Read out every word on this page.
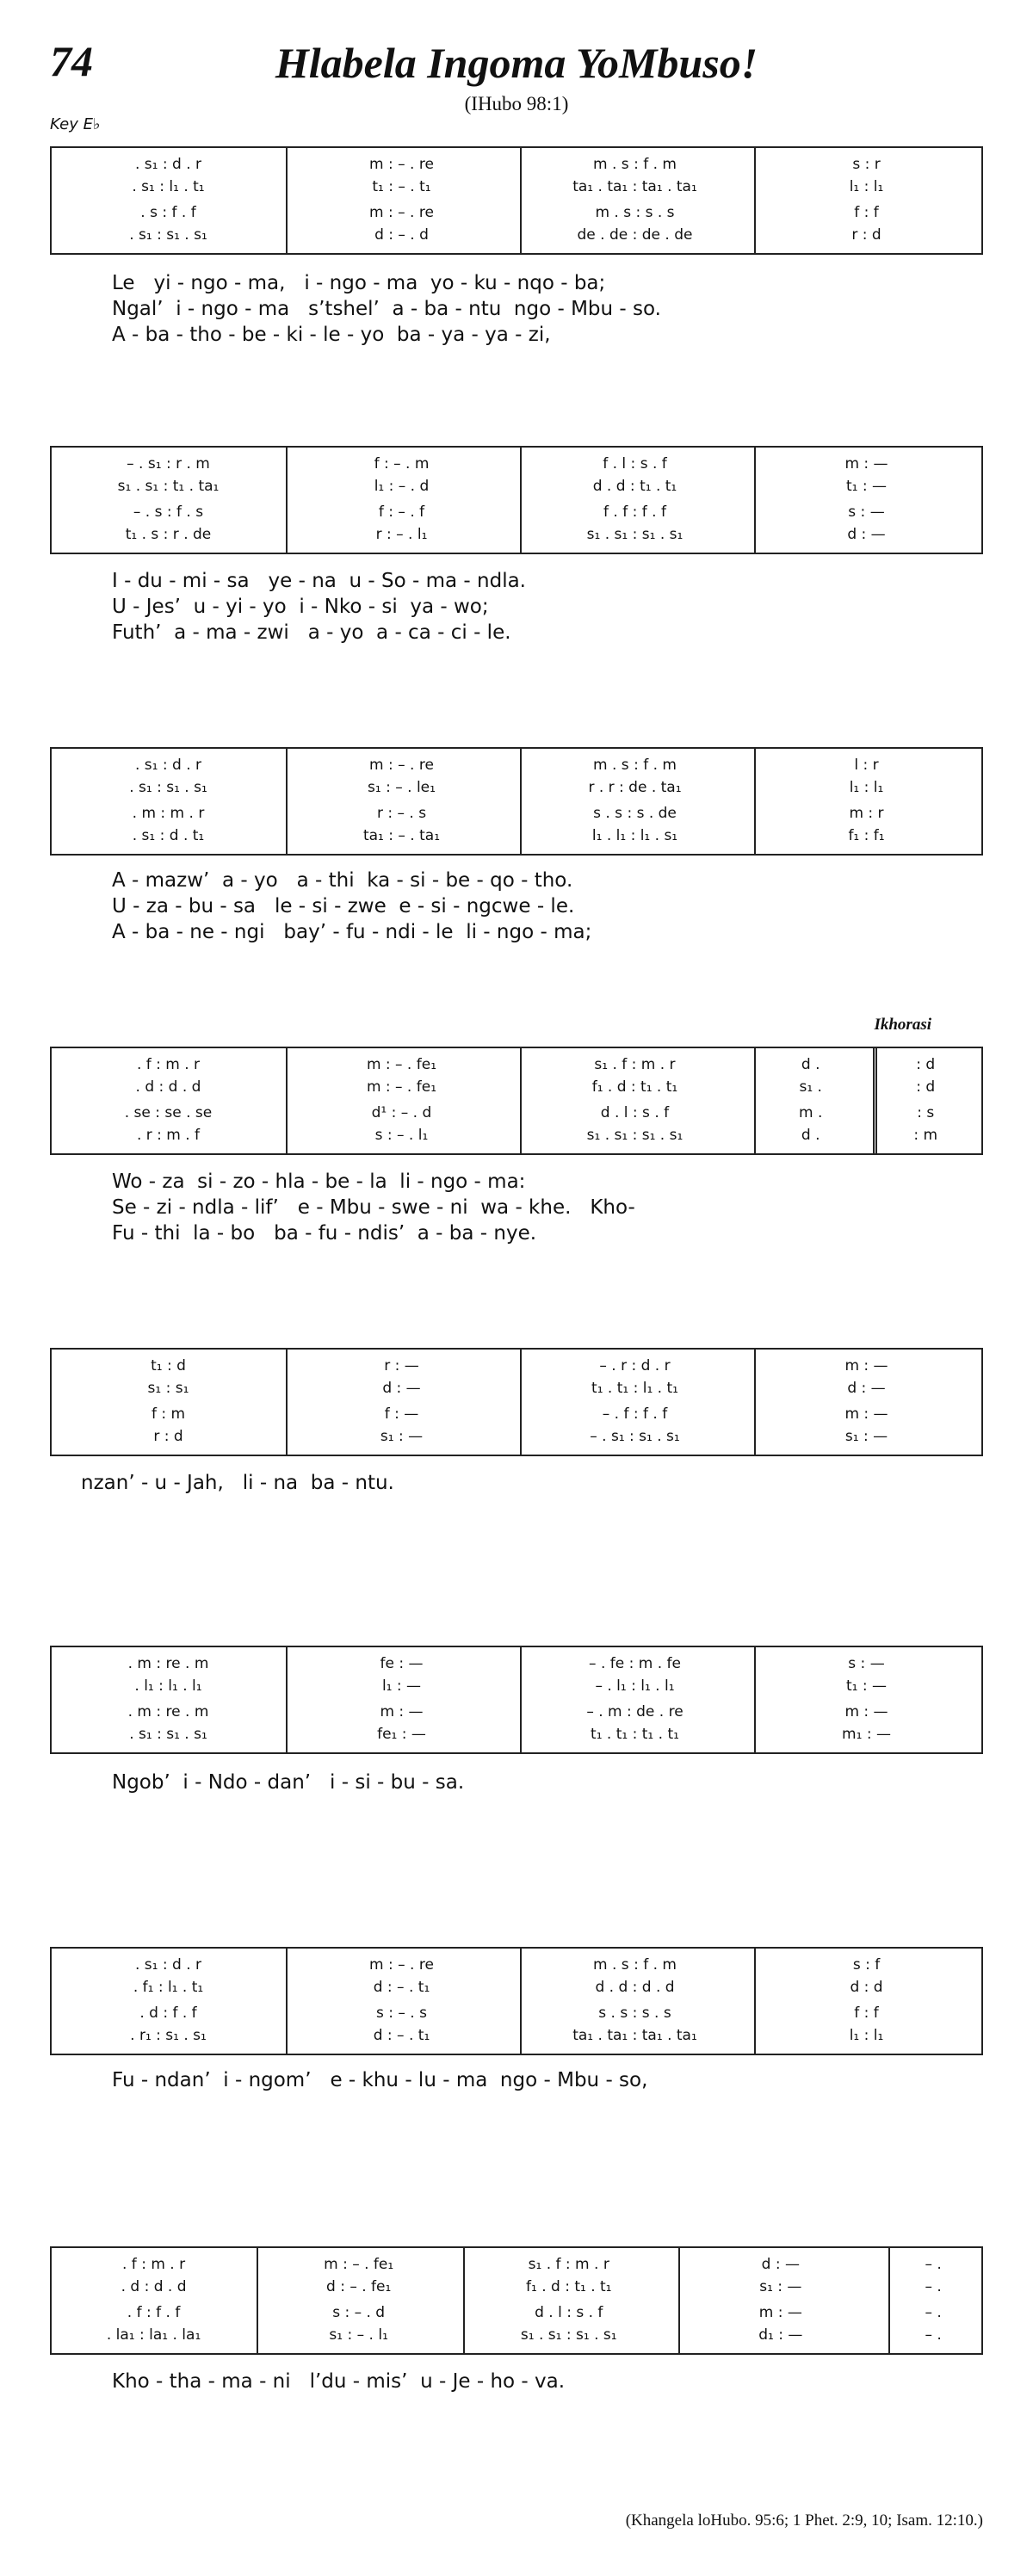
74	Hlabela Ingoma YoMbuso!
(IHubo 98:1)
Key E♭
Ikhorasi
. s₁ : d . r	m : – . re	m . s : f . m	s : r
. s₁ : l₁ . t₁	t₁ : – . t₁	ta₁ . ta₁ : ta₁ . ta₁	l₁ : l₁
. s : f . f	m : – . re	m . s : s . s	f : f
. s₁ : s₁ . s₁	d : – . d	de . de : de . de	r : d
Le   yi - ngo - ma,   i - ngo - ma  yo - ku - nqo - ba;
Ngal’  i - ngo - ma   s’tshel’  a - ba - ntu  ngo - Mbu - so.
A - ba - tho - be - ki - le - yo  ba - ya - ya - zi,
– . s₁ : r . m	f : – . m	f . l : s . f	m : —
s₁ . s₁ : t₁ . ta₁	l₁ : – . d	d . d : t₁ . t₁	t₁ : —
– . s : f . s	f : – . f	f . f : f . f	s : —
t₁ . s : r . de	r : – . l₁	s₁ . s₁ : s₁ . s₁	d : —
I - du - mi - sa   ye - na  u - So - ma - ndla.
U - Jes’  u - yi - yo  i - Nko - si  ya - wo;
Futh’  a - ma - zwi   a - yo  a - ca - ci - le.
. s₁ : d . r	m : – . re	m . s : f . m	l : r
. s₁ : s₁ . s₁	s₁ : – . le₁	r . r : de . ta₁	l₁ : l₁
. m : m . r	r : – . s	s . s : s . de	m : r
. s₁ : d . t₁	ta₁ : – . ta₁	l₁ . l₁ : l₁ . s₁	f₁ : f₁
A - mazw’  a - yo   a - thi  ka - si - be - qo - tho.
U - za - bu - sa   le - si - zwe  e - si - ngcwe - le.
A - ba - ne - ngi   bay’ - fu - ndi - le  li - ngo - ma;
. f : m . r	m : – . fe₁	s₁ . f : m . r	d .	: d
. d : d . d	m : – . fe₁	f₁ . d : t₁ . t₁	s₁ .	: d
. se : se . se	d¹ : – . d	d . l : s . f	m .	: s
. r : m . f	s : – . l₁	s₁ . s₁ : s₁ . s₁	d .	: m
Wo - za  si - zo - hla - be - la  li - ngo - ma:
Se - zi - ndla - lif’   e - Mbu - swe - ni  wa - khe.   Kho-
Fu - thi  la - bo   ba - fu - ndis’  a - ba - nye.
t₁ : d	r : —	– . r : d . r	m : —
s₁ : s₁	d : —	t₁ . t₁ : l₁ . t₁	d : —
f : m	f : —	– . f : f . f	m : —
r : d	s₁ : —	– . s₁ : s₁ . s₁	s₁ : —
nzan’ - u - Jah,   li - na  ba - ntu.
. m : re . m	fe : —	– . fe : m . fe	s : —
. l₁ : l₁ . l₁	l₁ : —	– . l₁ : l₁ . l₁	t₁ : —
. m : re . m	m : —	– . m : de . re	m : —
. s₁ : s₁ . s₁	fe₁ : —	t₁ . t₁ : t₁ . t₁	m₁ : —
Ngob’  i - Ndo - dan’   i - si - bu - sa.
. s₁ : d . r	m : – . re	m . s : f . m	s : f
. f₁ : l₁ . t₁	d : – . t₁	d . d : d . d	d : d
. d : f . f	s : – . s	s . s : s . s	f : f
. r₁ : s₁ . s₁	d : – . t₁	ta₁ . ta₁ : ta₁ . ta₁	l₁ : l₁
Fu - ndan’  i - ngom’   e - khu - lu - ma  ngo - Mbu - so,
. f : m . r	m : – . fe₁	s₁ . f : m . r	d : —	– .
. d : d . d	d : – . fe₁	f₁ . d : t₁ . t₁	s₁ : —	– .
. f : f . f	s : – . d	d . l : s . f	m : —	– .
. la₁ : la₁ . la₁	s₁ : – . l₁	s₁ . s₁ : s₁ . s₁	d₁ : —	– .
Kho - tha - ma - ni   l’du - mis’  u - Je - ho - va.
(Khangela loHubo. 95:6; 1 Phet. 2:9, 10; Isam. 12:10.)
